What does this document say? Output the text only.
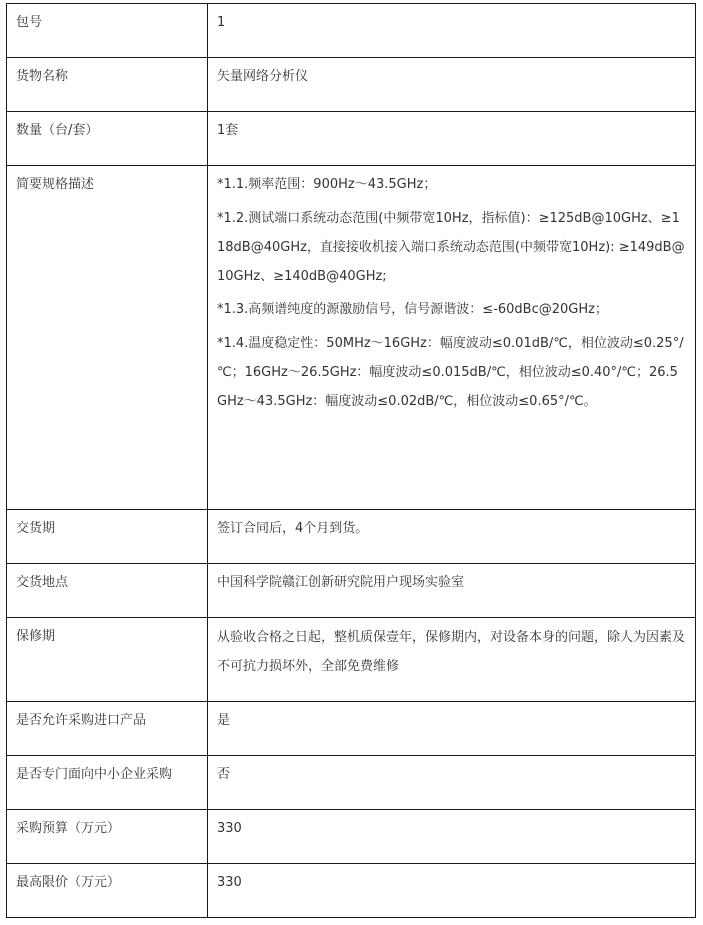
包号	1
货物名称	矢量网络分析仪
数量（台/套）	1套
简要规格描述	*1.1.频率范围：900Hz～43.5GHz；

*1.2.测试端口系统动态范围(中频带宽10Hz，指标值)：≥125dB@10GHz、≥118dB@40GHz，直接接收机接入端口系统动态范围(中频带宽10Hz): ≥149dB@10GHz、≥140dB@40GHz;

*1.3.高频谱纯度的源激励信号，信号源谐波：≤-60dBc@20GHz；

*1.4.温度稳定性：50MHz～16GHz：幅度波动≤0.01dB/℃，相位波动≤0.25°/℃；16GHz～26.5GHz：幅度波动≤0.015dB/℃，相位波动≤0.40°/℃；26.5GHz～43.5GHz：幅度波动≤0.02dB/℃，相位波动≤0.65°/℃。

交货期	签订合同后，4个月到货。
交货地点	中国科学院赣江创新研究院用户现场实验室
保修期	从验收合格之日起，整机质保壹年，保修期内，对设备本身的问题，除人为因素及不可抗力损坏外，全部免费维修
是否允许采购进口产品	是
是否专门面向中小企业采购	否
采购预算（万元）	330
最高限价（万元）	330
